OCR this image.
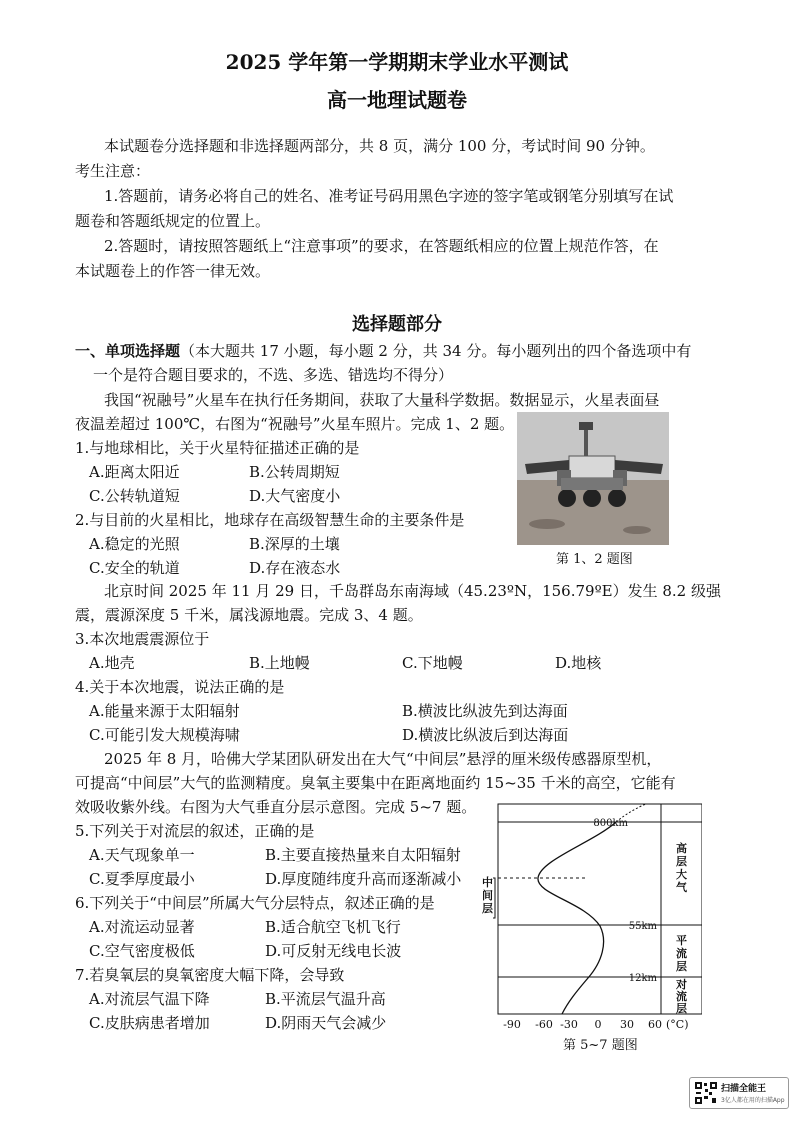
2025 学年第一学期期末学业水平测试
高一地理试题卷
本试题卷分选择题和非选择题两部分，共 8 页，满分 100 分，考试时间 90 分钟。
考生注意：
1.答题前，请务必将自己的姓名、准考证号码用黑色字迹的签字笔或钢笔分别填写在试
题卷和答题纸规定的位置上。
2.答题时，请按照答题纸上“注意事项”的要求，在答题纸相应的位置上规范作答，在
本试题卷上的作答一律无效。
选择题部分
一、单项选择题（本大题共 17 小题，每小题 2 分，共 34 分。每小题列出的四个备选项中有
一个是符合题目要求的，不选、多选、错选均不得分）
我国“祝融号”火星车在执行任务期间，获取了大量科学数据。数据显示，火星表面昼
夜温差超过 100℃，右图为“祝融号”火星车照片。完成 1、2 题。
1.与地球相比，关于火星特征描述正确的是
A.距离太阳近	B.公转周期短
C.公转轨道短	D.大气密度小
2.与目前的火星相比，地球存在高级智慧生命的主要条件是
A.稳定的光照	B.深厚的土壤
C.安全的轨道	D.存在液态水	第 1、2 题图
北京时间 2025 年 11 月 29 日，千岛群岛东南海域（45.23ºN，156.79ºE）发生 8.2 级强
震，震源深度 5 千米，属浅源地震。完成 3、4 题。
3.本次地震震源位于
A.地壳	B.上地幔	C.下地幔	D.地核
4.关于本次地震，说法正确的是
A.能量来源于太阳辐射	B.横波比纵波先到达海面
C.可能引发大规模海啸	D.横波比纵波后到达海面
2025 年 8 月，哈佛大学某团队研发出在大气“中间层”悬浮的厘米级传感器原型机，
可提高“中间层”大气的监测精度。臭氧主要集中在距离地面约 15~35 千米的高空，它能有
效吸收紫外线。右图为大气垂直分层示意图。完成 5~7 题。
5.下列关于对流层的叙述，正确的是
A.天气现象单一	B.主要直接热量来自太阳辐射
C.夏季厚度最小	D.厚度随纬度升高而逐渐减小
6.下列关于“中间层”所属大气分层特点，叙述正确的是
A.对流运动显著	B.适合航空飞机飞行
C.空气密度极低	D.可反射无线电长波
7.若臭氧层的臭氧密度大幅下降，会导致
A.对流层气温下降	B.平流层气温升高
C.皮肤病患者增加	D.阴雨天气会减少
800km
55km
12km
高层大气
平流层
对流层
中间层
-90 -60 -30 0 30 60 (°C)
第 5~7 题图
扫描全能王
3亿人都在用的扫描App
